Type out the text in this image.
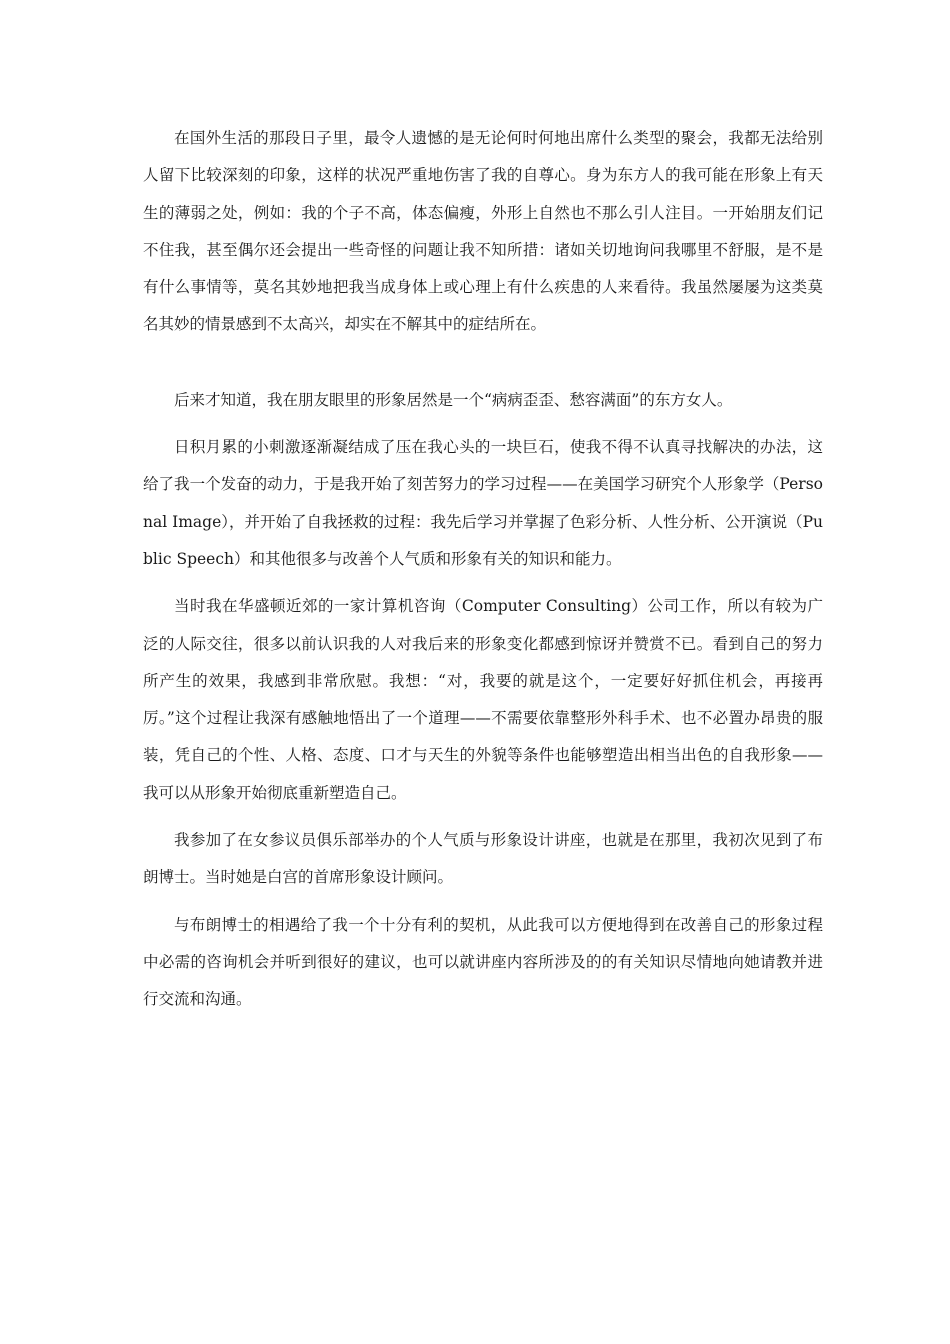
在国外生活的那段日子里，最令人遗憾的是无论何时何地出席什么类型的聚会，我都无法给别人留下比较深刻的印象，这样的状况严重地伤害了我的自尊心。身为东方人的我可能在形象上有天生的薄弱之处，例如：我的个子不高，体态偏瘦，外形上自然也不那么引人注目。一开始朋友们记不住我，甚至偶尔还会提出一些奇怪的问题让我不知所措：诸如关切地询问我哪里不舒服，是不是有什么事情等，莫名其妙地把我当成身体上或心理上有什么疾患的人来看待。我虽然屡屡为这类莫名其妙的情景感到不太高兴，却实在不解其中的症结所在。

后来才知道，我在朋友眼里的形象居然是一个“病病歪歪、愁容满面”的东方女人。

日积月累的小刺激逐渐凝结成了压在我心头的一块巨石，使我不得不认真寻找解决的办法，这给了我一个发奋的动力，于是我开始了刻苦努力的学习过程——在美国学习研究个人形象学（Personal Image），并开始了自我拯救的过程：我先后学习并掌握了色彩分析、人性分析、公开演说（Public Speech）和其他很多与改善个人气质和形象有关的知识和能力。

当时我在华盛顿近郊的一家计算机咨询（Computer Consulting）公司工作，所以有较为广泛的人际交往，很多以前认识我的人对我后来的形象变化都感到惊讶并赞赏不已。看到自己的努力所产生的效果，我感到非常欣慰。我想：“对，我要的就是这个，一定要好好抓住机会，再接再厉。”这个过程让我深有感触地悟出了一个道理——不需要依靠整形外科手术、也不必置办昂贵的服装，凭自己的个性、人格、态度、口才与天生的外貌等条件也能够塑造出相当出色的自我形象——我可以从形象开始彻底重新塑造自己。

我参加了在女参议员俱乐部举办的个人气质与形象设计讲座，也就是在那里，我初次见到了布朗博士。当时她是白宫的首席形象设计顾问。

与布朗博士的相遇给了我一个十分有利的契机，从此我可以方便地得到在改善自己的形象过程中必需的咨询机会并听到很好的建议，也可以就讲座内容所涉及的的有关知识尽情地向她请教并进行交流和沟通。
